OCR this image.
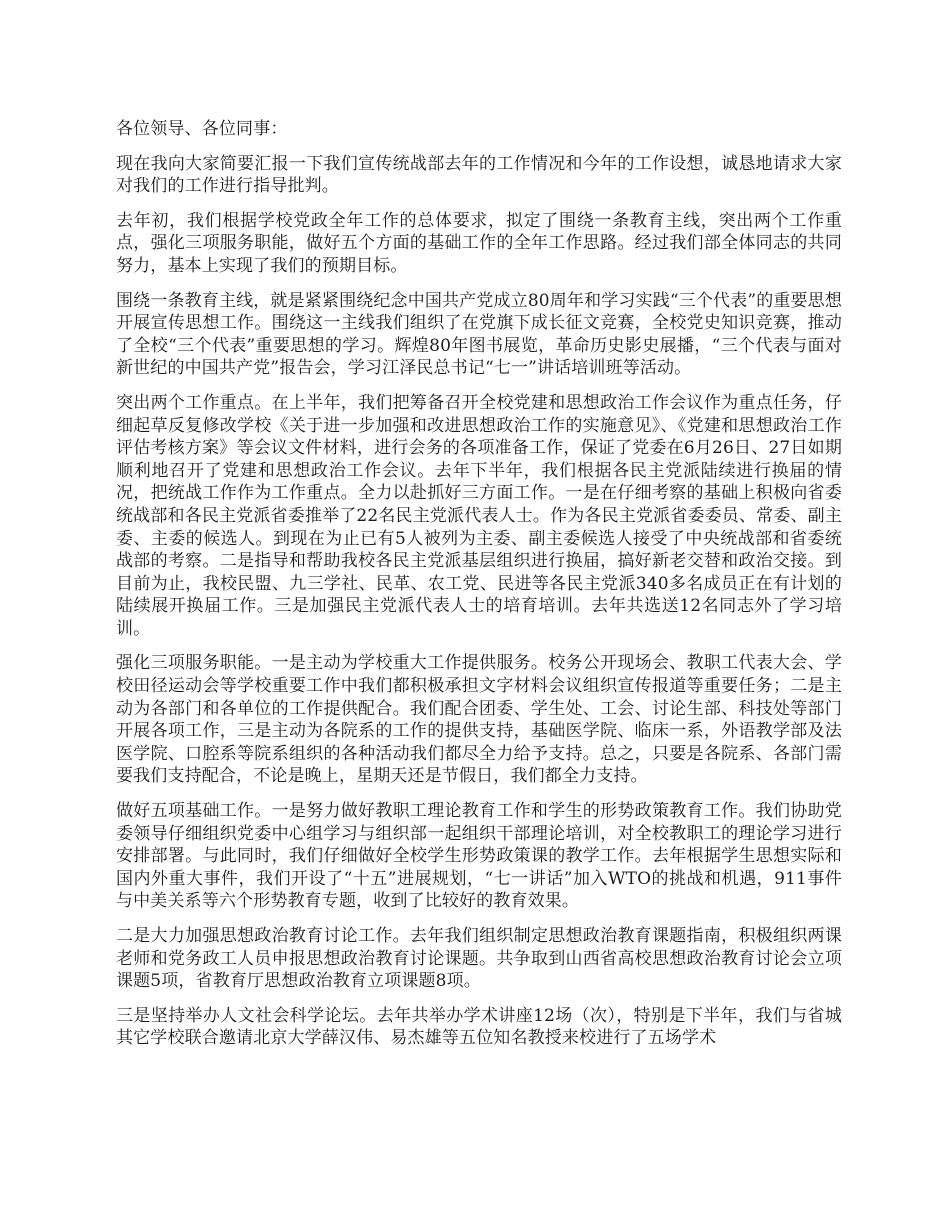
各位领导、各位同事：

现在我向大家简要汇报一下我们宣传统战部去年的工作情况和今年的工作设想，诚恳地请求大家对我们的工作进行指导批判。

去年初，我们根据学校党政全年工作的总体要求，拟定了围绕一条教育主线，突出两个工作重点，强化三项服务职能，做好五个方面的基础工作的全年工作思路。经过我们部全体同志的共同努力，基本上实现了我们的预期目标。

围绕一条教育主线，就是紧紧围绕纪念中国共产党成立80周年和学习实践“三个代表”的重要思想开展宣传思想工作。围绕这一主线我们组织了在党旗下成长征文竞赛，全校党史知识竞赛，推动了全校“三个代表”重要思想的学习。辉煌80年图书展览，革命历史影史展播，“三个代表与面对新世纪的中国共产党”报告会，学习江泽民总书记“七一”讲话培训班等活动。

突出两个工作重点。在上半年，我们把筹备召开全校党建和思想政治工作会议作为重点任务，仔细起草反复修改学校《关于进一步加强和改进思想政治工作的实施意见》、《党建和思想政治工作评估考核方案》等会议文件材料，进行会务的各项准备工作，保证了党委在6月26日、27日如期顺利地召开了党建和思想政治工作会议。去年下半年，我们根据各民主党派陆续进行换届的情况，把统战工作作为工作重点。全力以赴抓好三方面工作。一是在仔细考察的基础上积极向省委统战部和各民主党派省委推举了22名民主党派代表人士。作为各民主党派省委委员、常委、副主委、主委的候选人。到现在为止已有5人被列为主委、副主委候选人接受了中央统战部和省委统战部的考察。二是指导和帮助我校各民主党派基层组织进行换届，搞好新老交替和政治交接。到目前为止，我校民盟、九三学社、民革、农工党、民进等各民主党派340多名成员正在有计划的陆续展开换届工作。三是加强民主党派代表人士的培育培训。去年共选送12名同志外了学习培训。

强化三项服务职能。一是主动为学校重大工作提供服务。校务公开现场会、教职工代表大会、学校田径运动会等学校重要工作中我们都积极承担文字材料会议组织宣传报道等重要任务；二是主动为各部门和各单位的工作提供配合。我们配合团委、学生处、工会、讨论生部、科技处等部门开展各项工作，三是主动为各院系的工作的提供支持，基础医学院、临床一系，外语教学部及法医学院、口腔系等院系组织的各种活动我们都尽全力给予支持。总之，只要是各院系、各部门需要我们支持配合，不论是晚上，星期天还是节假日，我们都全力支持。

做好五项基础工作。一是努力做好教职工理论教育工作和学生的形势政策教育工作。我们协助党委领导仔细组织党委中心组学习与组织部一起组织干部理论培训，对全校教职工的理论学习进行安排部署。与此同时，我们仔细做好全校学生形势政策课的教学工作。去年根据学生思想实际和国内外重大事件，我们开设了“十五”进展规划，“七一讲话”加入WTO的挑战和机遇，911事件与中美关系等六个形势教育专题，收到了比较好的教育效果。

二是大力加强思想政治教育讨论工作。去年我们组织制定思想政治教育课题指南，积极组织两课老师和党务政工人员申报思想政治教育讨论课题。共争取到山西省高校思想政治教育讨论会立项课题5项，省教育厅思想政治教育立项课题8项。

三是坚持举办人文社会科学论坛。去年共举办学术讲座12场（次），特别是下半年，我们与省城其它学校联合邀请北京大学薛汉伟、易杰雄等五位知名教授来校进行了五场学术
